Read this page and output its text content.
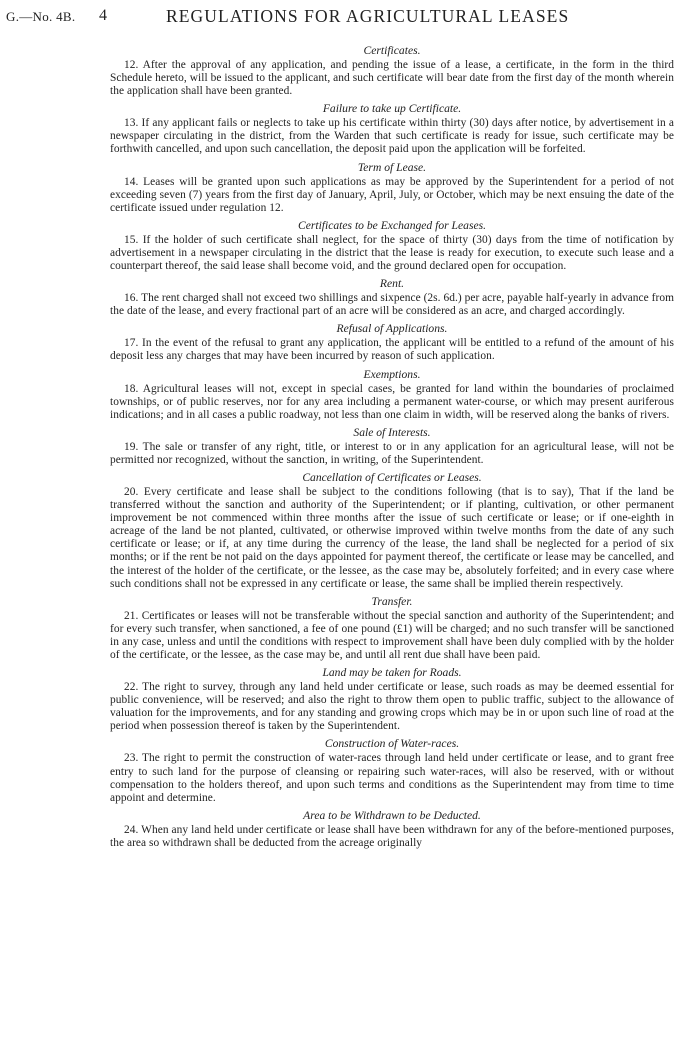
G.—No. 4B. 4	REGULATIONS FOR AGRICULTURAL LEASES
Certificates.

12. After the approval of any application, and pending the issue of a lease, a certificate, in the form in the third Schedule hereto, will be issued to the applicant, and such certificate will bear date from the first day of the month wherein the application shall have been granted.

Failure to take up Certificate.

13. If any applicant fails or neglects to take up his certificate within thirty (30) days after notice, by advertisement in a newspaper circulating in the district, from the Warden that such certificate is ready for issue, such certificate may be forthwith cancelled, and upon such cancellation, the deposit paid upon the application will be forfeited.

Term of Lease.

14. Leases will be granted upon such applications as may be approved by the Superintendent for a period of not exceeding seven (7) years from the first day of January, April, July, or October, which may be next ensuing the date of the certificate issued under regulation 12.

Certificates to be Exchanged for Leases.

15. If the holder of such certificate shall neglect, for the space of thirty (30) days from the time of notification by advertisement in a newspaper circulating in the district that the lease is ready for execution, to execute such lease and a counterpart thereof, the said lease shall become void, and the ground declared open for occupation.

Rent.

16. The rent charged shall not exceed two shillings and sixpence (2s. 6d.) per acre, payable half-yearly in advance from the date of the lease, and every fractional part of an acre will be considered as an acre, and charged accordingly.

Refusal of Applications.

17. In the event of the refusal to grant any application, the applicant will be entitled to a refund of the amount of his deposit less any charges that may have been incurred by reason of such application.

Exemptions.

18. Agricultural leases will not, except in special cases, be granted for land within the boundaries of proclaimed townships, or of public reserves, nor for any area including a permanent water-course, or which may present auriferous indications; and in all cases a public roadway, not less than one claim in width, will be reserved along the banks of rivers.

Sale of Interests.

19. The sale or transfer of any right, title, or interest to or in any application for an agricultural lease, will not be permitted nor recognized, without the sanction, in writing, of the Superintendent.

Cancellation of Certificates or Leases.

20. Every certificate and lease shall be subject to the conditions following (that is to say), That if the land be transferred without the sanction and authority of the Superintendent; or if planting, cultivation, or other permanent improvement be not commenced within three months after the issue of such certificate or lease; or if one-eighth in acreage of the land be not planted, cultivated, or otherwise improved within twelve months from the date of any such certificate or lease; or if, at any time during the currency of the lease, the land shall be neglected for a period of six months; or if the rent be not paid on the days appointed for payment thereof, the certificate or lease may be cancelled, and the interest of the holder of the certificate, or the lessee, as the case may be, absolutely forfeited; and in every case where such conditions shall not be expressed in any certificate or lease, the same shall be implied therein respectively.

Transfer.

21. Certificates or leases will not be transferable without the special sanction and authority of the Superintendent; and for every such transfer, when sanctioned, a fee of one pound (£1) will be charged; and no such transfer will be sanctioned in any case, unless and until the conditions with respect to improvement shall have been duly complied with by the holder of the certificate, or the lessee, as the case may be, and until all rent due shall have been paid.

Land may be taken for Roads.

22. The right to survey, through any land held under certificate or lease, such roads as may be deemed essential for public convenience, will be reserved; and also the right to throw them open to public traffic, subject to the allowance of valuation for the improvements, and for any standing and growing crops which may be in or upon such line of road at the period when possession thereof is taken by the Superintendent.

Construction of Water-races.

23. The right to permit the construction of water-races through land held under certificate or lease, and to grant free entry to such land for the purpose of cleansing or repairing such water-races, will also be reserved, with or without compensation to the holders thereof, and upon such terms and conditions as the Superintendent may from time to time appoint and determine.

Area to be Withdrawn to be Deducted.

24. When any land held under certificate or lease shall have been withdrawn for any of the before-mentioned purposes, the area so withdrawn shall be deducted from the acreage originally
